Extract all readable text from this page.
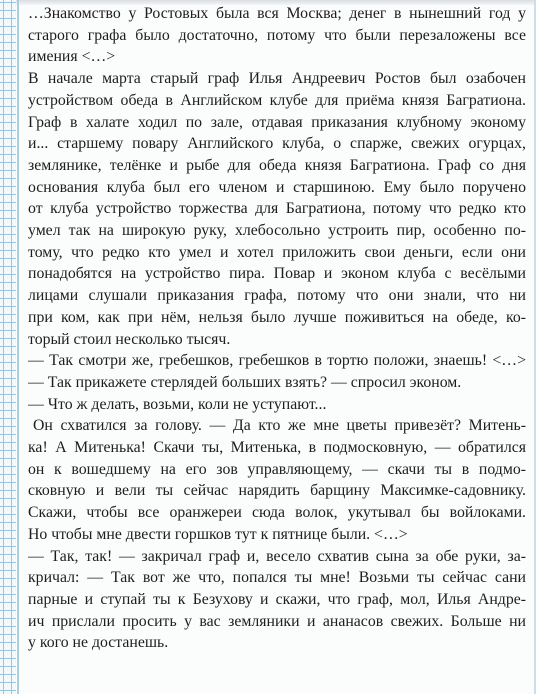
…Знакомство у Ростовых была вся Москва; денег в нынешний год у
старого графа было достаточно, потому что были перезаложены все
имения <…>
В начале марта старый граф Илья Андреевич Ростов был озабочен
устройством обеда в Английском клубе для приёма князя Багратиона.
Граф в халате ходил по зале, отдавая приказания клубному эконому
и... старшему повару Английского клуба, о спарже, свежих огурцах,
землянике, телёнке и рыбе для обеда князя Багратиона. Граф со дня
основания клуба был его членом и старшиною. Ему было поручено
от клуба устройство торжества для Багратиона, потому что редко кто
умел так на широкую руку, хлебосольно устроить пир, особенно по-
тому, что редко кто умел и хотел приложить свои деньги, если они
понадобятся на устройство пира. Повар и эконом клуба с весёлыми
лицами слушали приказания графа, потому что они знали, что ни
при ком, как при нём, нельзя было лучше поживиться на обеде, ко-
торый стоил несколько тысяч.
— Так смотри же, гребешков, гребешков в тортю положи, знаешь! <…>
— Так прикажете стерлядей больших взять? — спросил эконом.
— Что ж делать, возьми, коли не уступают...
Он схватился за голову. — Да кто же мне цветы привезёт? Митень-
ка! А Митенька! Скачи ты, Митенька, в подмосковную, — обратился
он к вошедшему на его зов управляющему, — скачи ты в подмо-
сковную и вели ты сейчас нарядить барщину Максимке-садовнику.
Скажи, чтобы все оранжереи сюда волок, укутывал бы войлоками.
Но чтобы мне двести горшков тут к пятнице были. <…>
— Так, так! — закричал граф и, весело схватив сына за обе руки, за-
кричал: — Так вот же что, попался ты мне! Возьми ты сейчас сани
парные и ступай ты к Безухову и скажи, что граф, мол, Илья Андре-
ич прислали просить у вас земляники и ананасов свежих. Больше ни
у кого не достанешь.
